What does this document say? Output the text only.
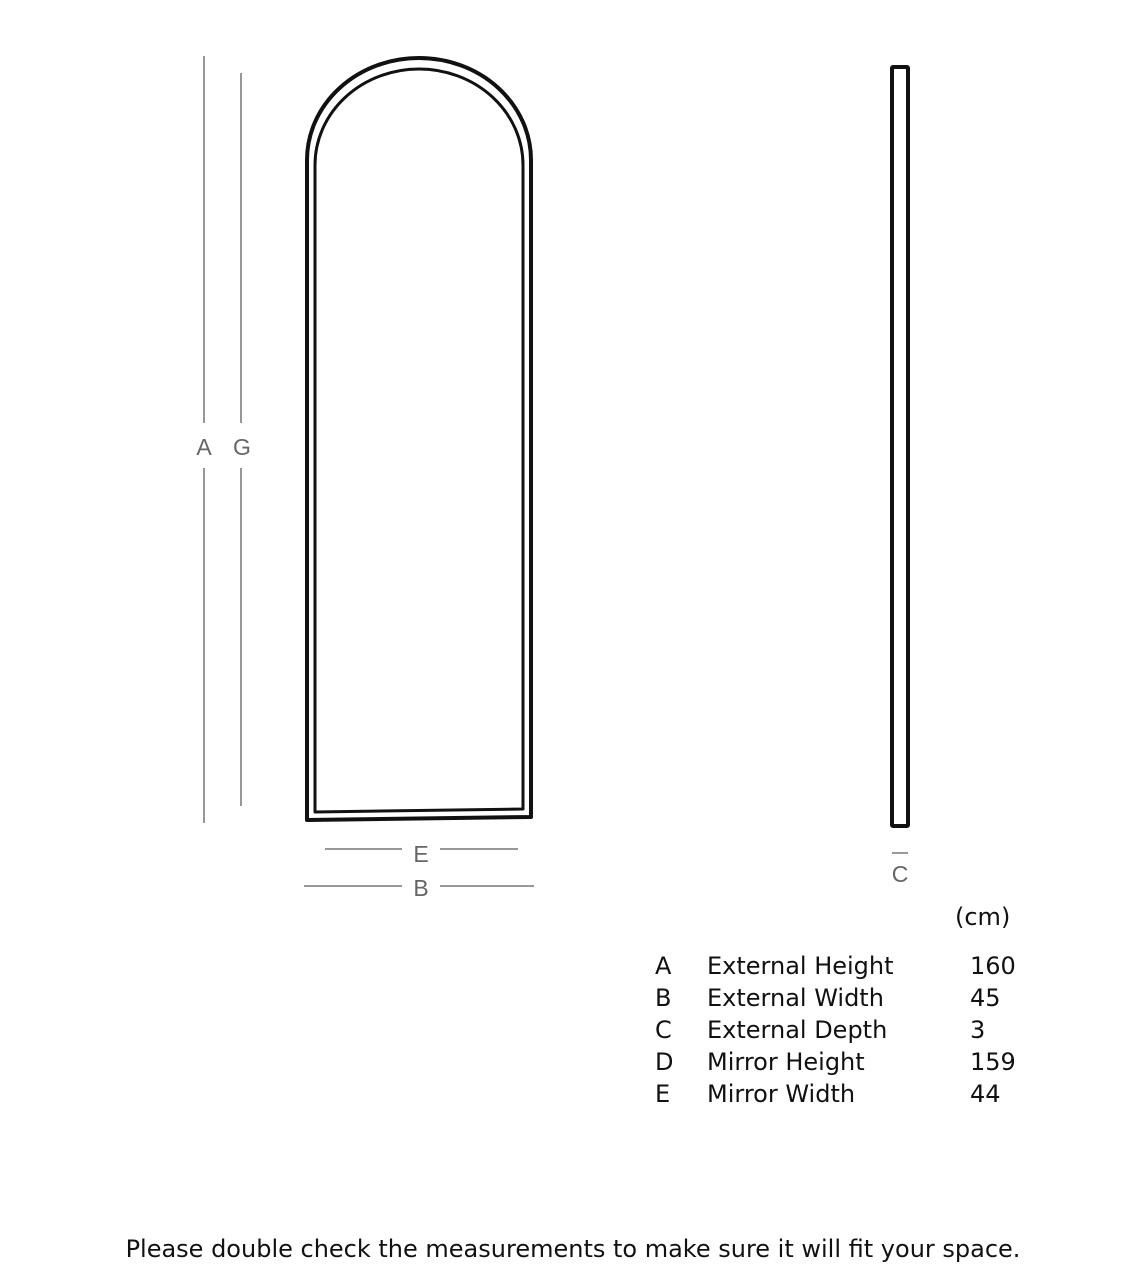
A G
E
B
C
(cm)
A External Height	160
B External Width	45
C External Depth	3
D Mirror Height	159
E Mirror Width	44
Please double check the measurements to make sure it will fit your space.
